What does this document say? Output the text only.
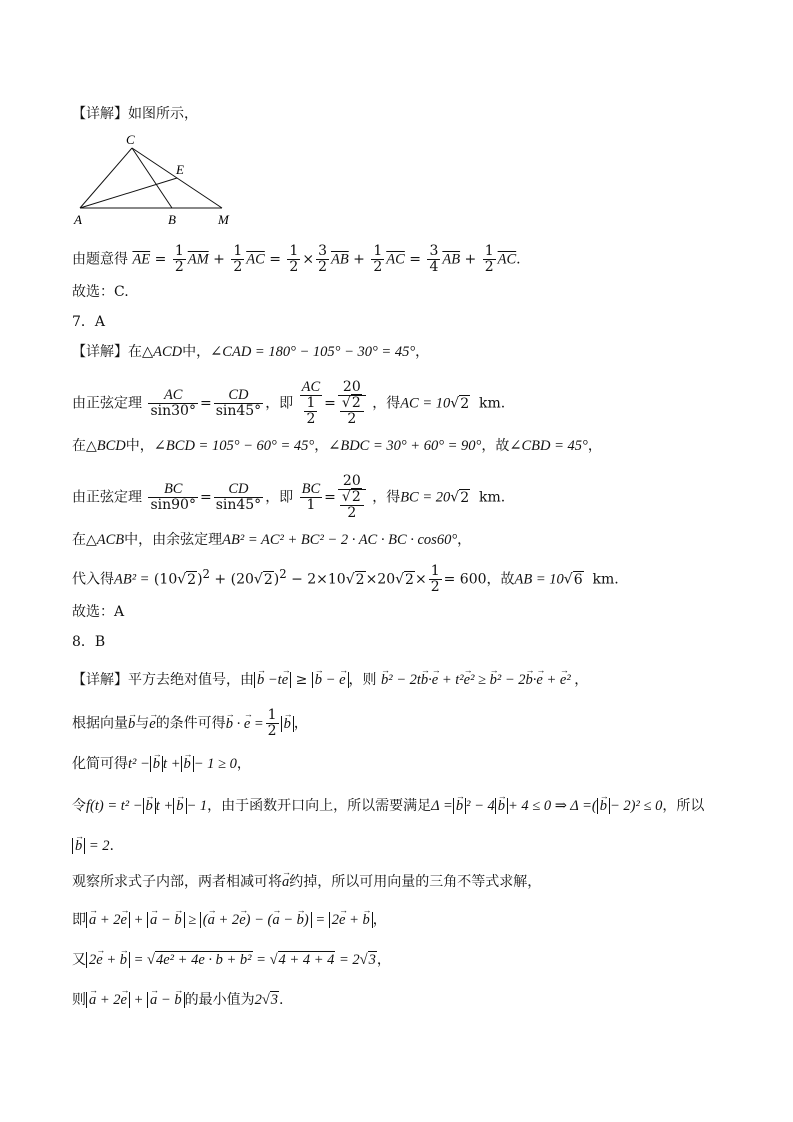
【详解】如图所示，
C
E
A	B	M
由题意得 $\overline{AE} = \frac{1}{2} \overline{AM} + \frac{1}{2} \overline{AC} = \frac{1}{2} \times \frac{3}{2} \overline{AB} + \frac{1}{2} \overline{AC} = \frac{3}{4} \overline{AB} + \frac{1}{2} \overline{AC}$.
故选：C.
7．A
【详解】在△ACD中，∠CAD = 180° − 105° − 30° = 45°，
由正弦定理 $\frac{AC}{\sin 30^\circ} = \frac{CD}{\sin 45^\circ}$ ，即 $\frac{AC}{\frac{1}{2}} = \frac{20}{\frac{√2}{2}}$ ，得AC = 10√2 km.
在△BCD中，∠BCD = 105° − 60° = 45°，∠BDC = 30° + 60° = 90°，故∠CBD = 45°，
由正弦定理 $\frac{BC}{\sin 90^\circ} = \frac{CD}{\sin 45^\circ}$ ，即 $\frac{BC}{1} = \frac{20}{\frac{√2}{2}}$ ，得BC = 20√2 km.
在△ACB中，由余弦定理AB² = AC² + BC² − 2 · AC · BC · cos60°，
代入得$AB^2 = (10√2)^2 + (20√2)^2 - 2\times 10√2\times 20√2\times \frac{1}{2} = 600$，故AB = 10√6 km.
故选：A
8．B
【详解】平方去绝对值号，由 → b −t→ e ≥ → b − → e ，则 → b² − 2t→ b·→ e + t²→ e² ≥ → b² − 2→ b·→ e + → e² ，
根据向量→ b与→ e的条件可得→ b · → $e = \frac{1}{2} \to b$ ，
化简可得t² − → b t + → b − 1 ≥ 0，
令f(t) = t² − → b t + → b − 1，由于函数开口向上，所以需要满足Δ = → b ² − 4 → b + 4 ≤ 0 ⇒ Δ =( → b − 2)² ≤ 0，所以
→ b = 2.
观察所求式子内部，两者相减可将→ a约掉，所以可用向量的三角不等式求解，
即 → a + 2→ e + → a − → b ≥ (→ a + 2→ e) − (→ a − → b) = 2→ e + → b ，
又 2→ e + → b = √4e² + 4e · b + b² = √4 + 4 + 4 = 2√3，
则 → a + 2→ e + → a − → b 的最小值为2√3.
